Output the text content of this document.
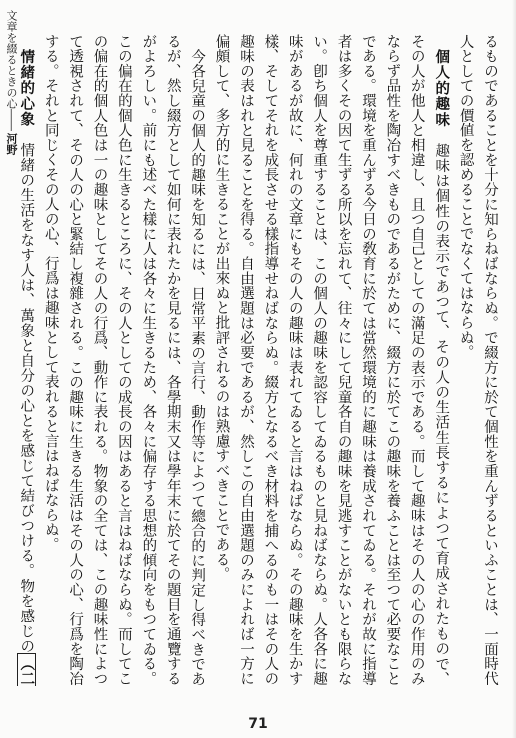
文章を綴るときの心――河野	るものであることを十分に知らねばならぬ。で綴方に於て個性を重んずるといふことは、一面時代人としての價値を認めることでなくてはならぬ。

個人的趣味　趣味は個性の表示であつて、その人の生活生長するによつて育成されたもので、その人が他人と相違し、且つ自己としての滿足の表示である。而して趣味はその人の心の作用のみならず品性を陶冶すべきものであるがために、綴方に於てこの趣味を養ふことは至つて必要なことである。環境を重んずる今日の敎育に於ては當然環境的に趣味は養成されてゐる。それが故に指導者は多くその因て生ずる所以を忘れて、往々にして兒童各自の趣味を見逃すことがないとも限らない。卽ち個人を尊重することは、この個人の趣味を認容してゐるものと見ねばならぬ。人各各に趣味があるが故に、何れの文章にもその人の趣味は表れてゐると言はねばならぬ。その趣味を生かす樣、そしてそれを成長させる樣指導せねばならぬ。綴方となるべき材料を捕へるのも一はその人の趣味の表はれと見ることを得る。自由選題は必要であるが、然しこの自由選題のみによれば一方に偏頗して、多方的に生きることが出來ぬと批評されるのは熟慮すべきことである。

今各兒童の個人的趣味を知るには、日常平素の言行、動作等によつて總合的に判定し得べきであるが、然し綴方として如何に表れたかを見るには、各學期末又は學年末に於てその題目を通覽するがよろしい。前にも述べた樣に人は各々に生きるため、各々に偏存する思想的傾向をもつてゐる。この偏在的個人色に生きるところに、その人としての成長の因はあると言はねばならぬ。而してこの偏在的個人色は一の趣味としてその人の行爲、動作に表れる。物象の全ては、この趣味性によつて透視されて、その人の心と緊結し複雜される。この趣味に生きる生活はその人の心、行爲を陶冶する。それと同じくその人の心、行爲は趣味として表れると言はねばならぬ。

情緒的心象　情緒の生活をなす人は、萬象と自分の心とを感じて結びつける。物を感じの（二

71
